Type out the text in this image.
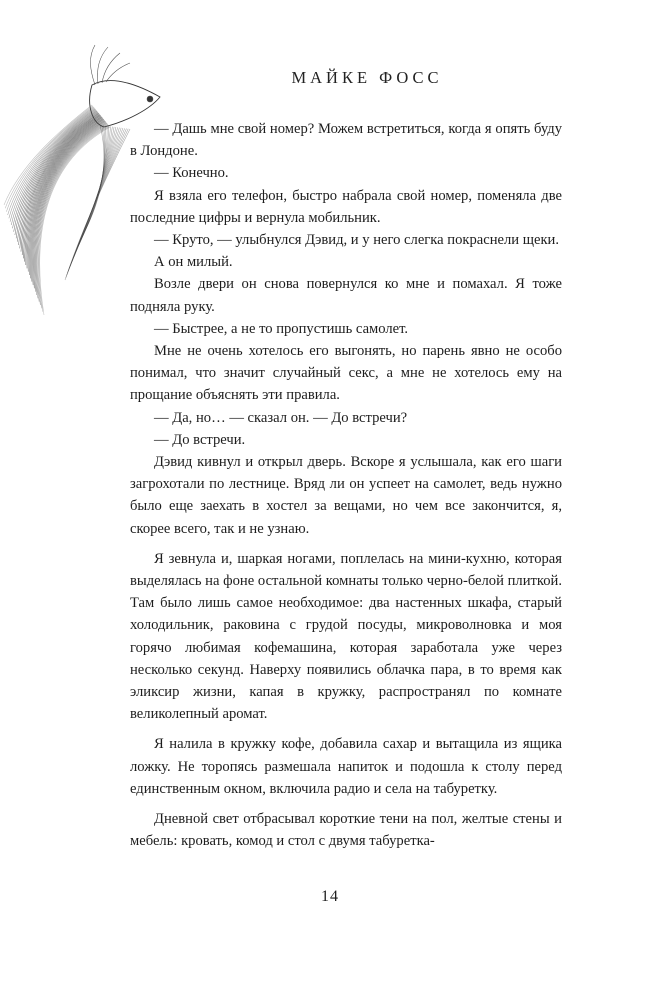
МАЙКЕ ФОСС

— Дашь мне свой номер? Можем встретиться, когда я опять буду в Лондоне.

— Конечно.

Я взяла его телефон, быстро набрала свой номер, поменяла две последние цифры и вернула мобильник.

— Круто, — улыбнулся Дэвид, и у него слегка покраснели щеки.

А он милый.

Возле двери он снова повернулся ко мне и помахал. Я тоже подняла руку.

— Быстрее, а не то пропустишь самолет.

Мне не очень хотелось его выгонять, но парень явно не особо понимал, что значит случайный секс, а мне не хотелось ему на прощание объяснять эти правила.

— Да, но… — сказал он. — До встречи?

— До встречи.

Дэвид кивнул и открыл дверь. Вскоре я услышала, как его шаги загрохотали по лестнице. Вряд ли он успеет на самолет, ведь нужно было еще заехать в хостел за вещами, но чем все закончится, я, скорее всего, так и не узнаю.

Я зевнула и, шаркая ногами, поплелась на мини-кухню, которая выделялась на фоне остальной комнаты только черно-белой плиткой. Там было лишь самое необходимое: два настенных шкафа, старый холодильник, раковина с грудой посуды, микроволновка и моя горячо любимая кофемашина, которая заработала уже через несколько секунд. Наверху появились облачка пара, в то время как эликсир жизни, капая в кружку, распространял по комнате великолепный аромат.

Я налила в кружку кофе, добавила сахар и вытащила из ящика ложку. Не торопясь размешала напиток и подошла к столу перед единственным окном, включила радио и села на табуретку.

Дневной свет отбрасывал короткие тени на пол, желтые стены и мебель: кровать, комод и стол с двумя табуретка-

14
